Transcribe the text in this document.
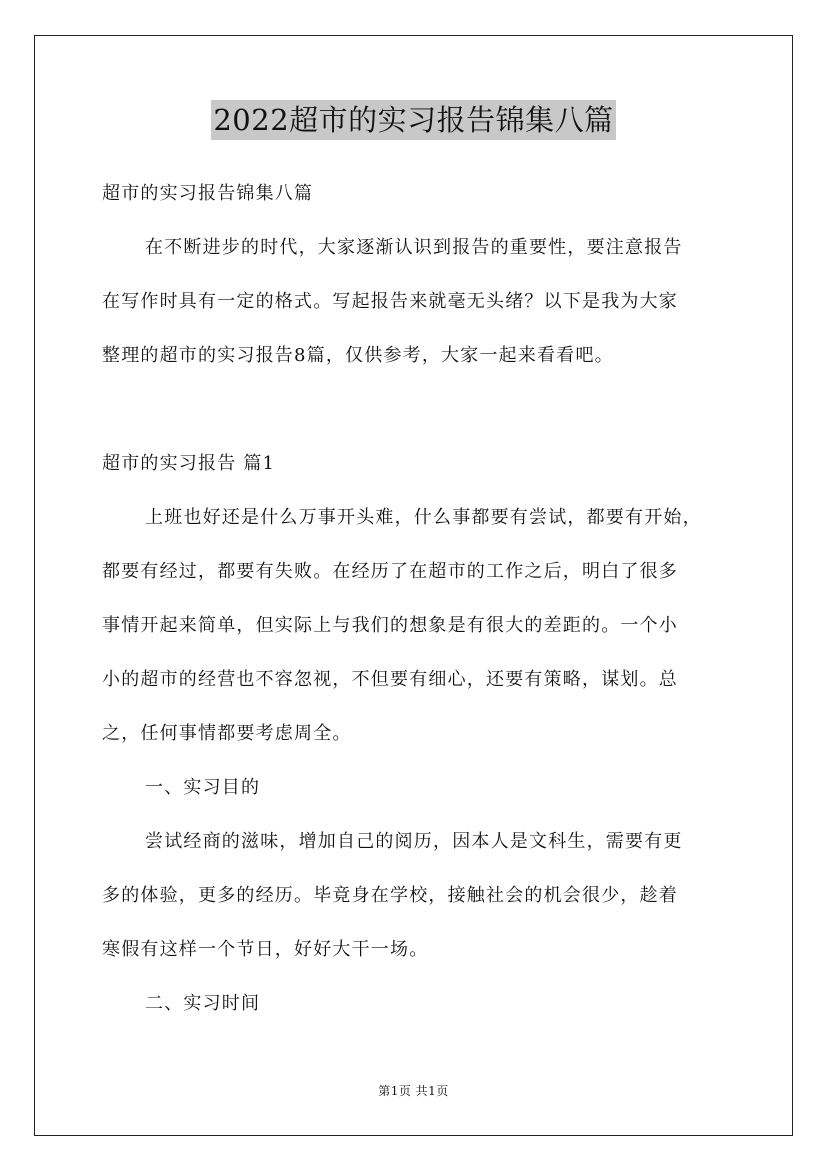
2022超市的实习报告锦集八篇
超市的实习报告锦集八篇
在不断进步的时代，大家逐渐认识到报告的重要性，要注意报告
在写作时具有一定的格式。写起报告来就毫无头绪？以下是我为大家
整理的超市的实习报告8篇，仅供参考，大家一起来看看吧。
超市的实习报告 篇1
上班也好还是什么万事开头难，什么事都要有尝试，都要有开始，
都要有经过，都要有失败。在经历了在超市的工作之后，明白了很多
事情开起来简单，但实际上与我们的想象是有很大的差距的。一个小
小的超市的经营也不容忽视，不但要有细心，还要有策略，谋划。总
之，任何事情都要考虑周全。
一、实习目的
尝试经商的滋味，增加自己的阅历，因本人是文科生，需要有更
多的体验，更多的经历。毕竟身在学校，接触社会的机会很少，趁着
寒假有这样一个节日，好好大干一场。
二、实习时间
第1页 共1页
